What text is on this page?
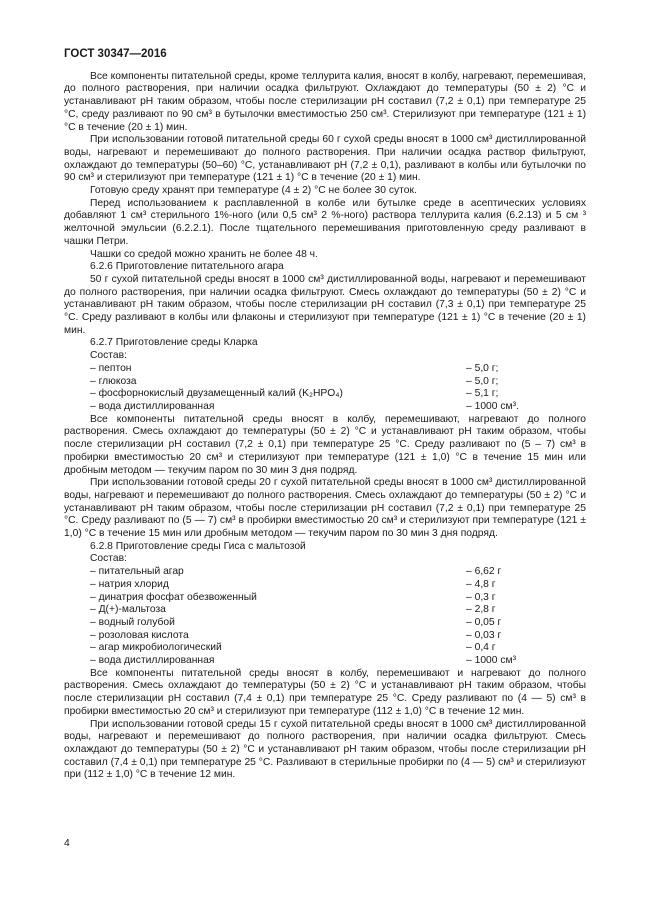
ГОСТ 30347—2016

Все компоненты питательной среды, кроме теллурита калия, вносят в колбу, нагревают, перемешивая, до полного растворения, при наличии осадка фильтруют. Охлаждают до температуры (50 ± 2) °С и устанавливают pH таким образом, чтобы после стерилизации pH составил (7,2 ± 0,1) при температуре 25 °С, среду разливают по 90 см³ в бутылочки вместимостью 250 см³. Стерилизуют при температуре (121 ± 1) °С в течение (20 ± 1) мин.

При использовании готовой питательной среды 60 г сухой среды вносят в 1000 см³ дистиллированной воды, нагревают и перемешивают до полного растворения. При наличии осадка раствор фильтруют, охлаждают до температуры (50–60) °С, устанавливают pH (7,2 ± 0,1), разливают в колбы или бутылочки по 90 см³ и стерилизуют при температуре (121 ± 1) °С в течение (20 ± 1) мин.

Готовую среду хранят при температуре (4 ± 2) °С не более 30 суток.

Перед использованием к расплавленной в колбе или бутылке среде в асептических условиях добавляют 1 см³ стерильного 1%-ного (или 0,5 см³ 2 %-ного) раствора теллурита калия (6.2.13) и 5 см ³ желточной эмульсии (6.2.2.1). После тщательного перемешивания приготовленную среду разливают в чашки Петри.

Чашки со средой можно хранить не более 48 ч.

6.2.6 Приготовление питательного агара

50 г сухой питательной среды вносят в 1000 см³ дистиллированной воды, нагревают и перемешивают до полного растворения, при наличии осадка фильтруют. Смесь охлаждают до температуры (50 ± 2) °С и устанавливают pH таким образом, чтобы после стерилизации pH составил (7,3 ± 0,1) при температуре 25 °С. Среду разливают в колбы или флаконы и стерилизуют при температуре (121 ± 1) °С в течение (20 ± 1) мин.

6.2.7 Приготовление среды Кларка

Состав:

– пептон	– 5,0 г;
– глюкоза	– 5,0 г;
– фосфорнокислый двузамещенный калий (K₂HPO₄)	– 5,1 г;
– вода дистиллированная	– 1000 см³.

Все компоненты питательной среды вносят в колбу, перемешивают, нагревают до полного растворения. Смесь охлаждают до температуры (50 ± 2) °С и устанавливают pH таким образом, чтобы после стерилизации pH составил (7,2 ± 0,1) при температуре 25 °С. Среду разливают по (5 – 7) см³ в пробирки вместимостью 20 см³ и стерилизуют при температуре (121 ± 1,0) °С в течение 15 мин или дробным методом — текучим паром по 30 мин 3 дня подряд.

При использовании готовой среды 20 г сухой питательной среды вносят в 1000 см³ дистиллированной воды, нагревают и перемешивают до полного растворения. Смесь охлаждают до температуры (50 ± 2) °С и устанавливают pH таким образом, чтобы после стерилизации pH составил (7,2 ± 0,1) при температуре 25 °С. Среду разливают по (5 — 7) см³ в пробирки вместимостью 20 см³ и стерилизуют при температуре (121 ± 1,0) °С в течение 15 мин или дробным методом — текучим паром по 30 мин 3 дня подряд.

6.2.8 Приготовление среды Гиса с мальтозой

Состав:

– питательный агар	– 6,62 г
– натрия хлорид	– 4,8 г
– динатрия фосфат обезвоженный	– 0,3 г
– Д(+)-мальтоза	– 2,8 г
– водный голубой	– 0,05 г
– розоловая кислота	– 0,03 г
– агар микробиологический	– 0,4 г
– вода дистиллированная	– 1000 см³

Все компоненты питательной среды вносят в колбу, перемешивают и нагревают до полного растворения. Смесь охлаждают до температуры (50 ± 2) °С и устанавливают pH таким образом, чтобы после стерилизации pH составил (7,4 ± 0,1) при температуре 25 °С. Среду разливают по (4 — 5) см³ в пробирки вместимостью 20 см³ и стерилизуют при температуре (112 ± 1,0) °С в течение 12 мин.

При использовании готовой среды 15 г сухой питательной среды вносят в 1000 см³ дистиллированной воды, нагревают и перемешивают до полного растворения, при наличии осадка фильтруют. Смесь охлаждают до температуры (50 ± 2) °С и устанавливают pH таким образом, чтобы после стерилизации pH составил (7,4 ± 0,1) при температуре 25 °С. Разливают в стерильные пробирки по (4 — 5) см³ и стерилизуют при (112 ± 1,0) °С в течение 12 мин.

4
